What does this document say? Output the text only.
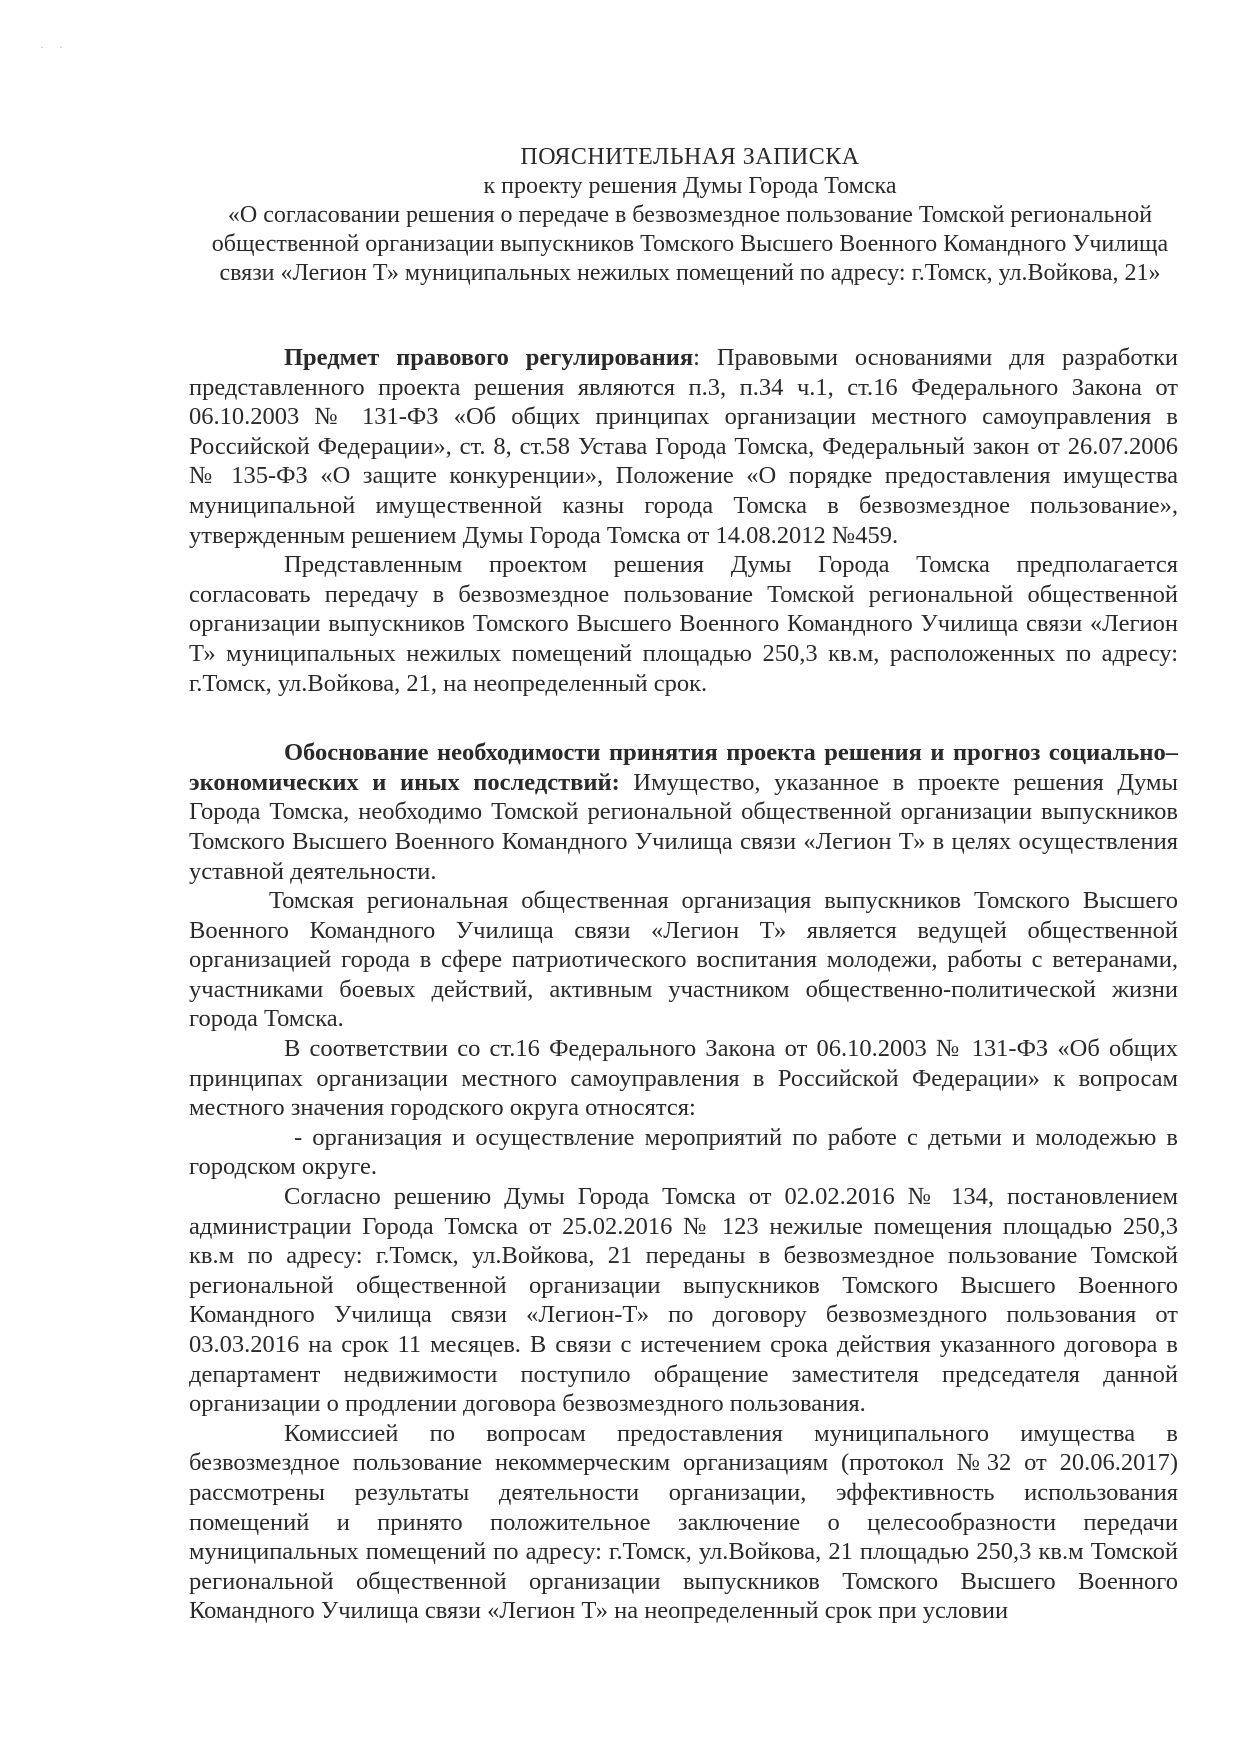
· ·
ПОЯСНИТЕЛЬНАЯ ЗАПИСКА
к проекту решения Думы Города Томска
«О согласовании решения о передаче в безвозмездное пользование Томской региональной общественной организации выпускников Томского Высшего Военного Командного Училища связи «Легион Т» муниципальных нежилых помещений по адресу: г.Томск, ул.Войкова, 21»

Предмет правового регулирования: Правовыми основаниями для разработки представленного проекта решения являются п.3, п.34 ч.1, ст.16 Федерального Закона от 06.10.2003 № 131-ФЗ «Об общих принципах организации местного самоуправления в Российской Федерации», ст. 8, ст.58 Устава Города Томска, Федеральный закон от 26.07.2006 № 135-ФЗ «О защите конкуренции», Положение «О порядке предоставления имущества муниципальной имущественной казны города Томска в безвозмездное пользование», утвержденным решением Думы Города Томска от 14.08.2012 №459.

Представленным проектом решения Думы Города Томска предполагается согласовать передачу в безвозмездное пользование Томской региональной общественной организации выпускников Томского Высшего Военного Командного Училища связи «Легион Т» муниципальных нежилых помещений площадью 250,3 кв.м, расположенных по адресу: г.Томск, ул.Войкова, 21, на неопределенный срок.

Обоснование необходимости принятия проекта решения и прогноз социально–экономических и иных последствий: Имущество, указанное в проекте решения Думы Города Томска, необходимо Томской региональной общественной организации выпускников Томского Высшего Военного Командного Училища связи «Легион Т» в целях осуществления уставной деятельности.

Томская региональная общественная организация выпускников Томского Высшего Военного Командного Училища связи «Легион Т» является ведущей общественной организацией города в сфере патриотического воспитания молодежи, работы с ветеранами, участниками боевых действий, активным участником общественно-политической жизни города Томска.

В соответствии со ст.16 Федерального Закона от 06.10.2003 № 131-ФЗ «Об общих принципах организации местного самоуправления в Российской Федерации» к вопросам местного значения городского округа относятся:

- организация и осуществление мероприятий по работе с детьми и молодежью в городском округе.

Согласно решению Думы Города Томска от 02.02.2016 № 134, постановлением администрации Города Томска от 25.02.2016 № 123 нежилые помещения площадью 250,3 кв.м по адресу: г.Томск, ул.Войкова, 21 переданы в безвозмездное пользование Томской региональной общественной организации выпускников Томского Высшего Военного Командного Училища связи «Легион-Т» по договору безвозмездного пользования от 03.03.2016 на срок 11 месяцев. В связи с истечением срока действия указанного договора в департамент недвижимости поступило обращение заместителя председателя данной организации о продлении договора безвозмездного пользования.

Комиссией по вопросам предоставления муниципального имущества в безвозмездное пользование некоммерческим организациям (протокол №32 от 20.06.2017) рассмотрены результаты деятельности организации, эффективность использования помещений и принято положительное заключение о целесообразности передачи муниципальных помещений по адресу: г.Томск, ул.Войкова, 21 площадью 250,3 кв.м Томской региональной общественной организации выпускников Томского Высшего Военного Командного Училища связи «Легион Т» на неопределенный срок при условии
